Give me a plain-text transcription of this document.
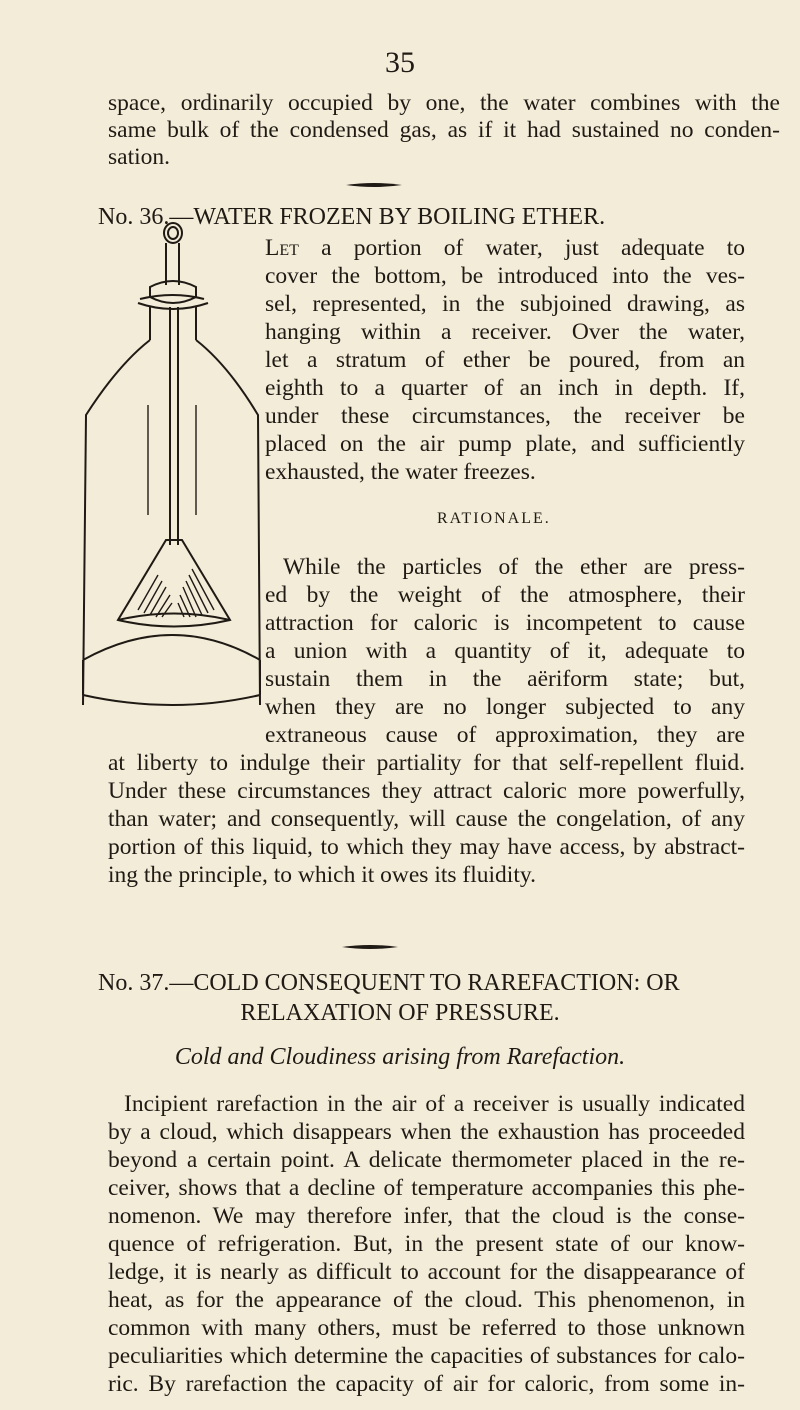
35
space, ordinarily occupied by one, the water combines with the
same bulk of the condensed gas, as if it had sustained no conden-
sation.
No. 36.—WATER FROZEN BY BOILING ETHER.
Let a portion of water, just adequate to
cover the bottom, be introduced into the ves-
sel, represented, in the subjoined drawing, as
hanging within a receiver. Over the water,
let a stratum of ether be poured, from an
eighth to a quarter of an inch in depth. If,
under these circumstances, the receiver be
placed on the air pump plate, and sufficiently
exhausted, the water freezes.
RATIONALE.
While the particles of the ether are press-
ed by the weight of the atmosphere, their
attraction for caloric is incompetent to cause
a union with a quantity of it, adequate to
sustain them in the aëriform state; but,
when they are no longer subjected to any
extraneous cause of approximation, they are
at liberty to indulge their partiality for that self-repellent fluid.
Under these circumstances they attract caloric more powerfully,
than water; and consequently, will cause the congelation, of any
portion of this liquid, to which they may have access, by abstract-
ing the principle, to which it owes its fluidity.
No. 37.—COLD CONSEQUENT TO RAREFACTION: OR
RELAXATION OF PRESSURE.
Cold and Cloudiness arising from Rarefaction.
Incipient rarefaction in the air of a receiver is usually indicated
by a cloud, which disappears when the exhaustion has proceeded
beyond a certain point. A delicate thermometer placed in the re-
ceiver, shows that a decline of temperature accompanies this phe-
nomenon. We may therefore infer, that the cloud is the conse-
quence of refrigeration. But, in the present state of our know-
ledge, it is nearly as difficult to account for the disappearance of
heat, as for the appearance of the cloud. This phenomenon, in
common with many others, must be referred to those unknown
peculiarities which determine the capacities of substances for calo-
ric. By rarefaction the capacity of air for caloric, from some in-
